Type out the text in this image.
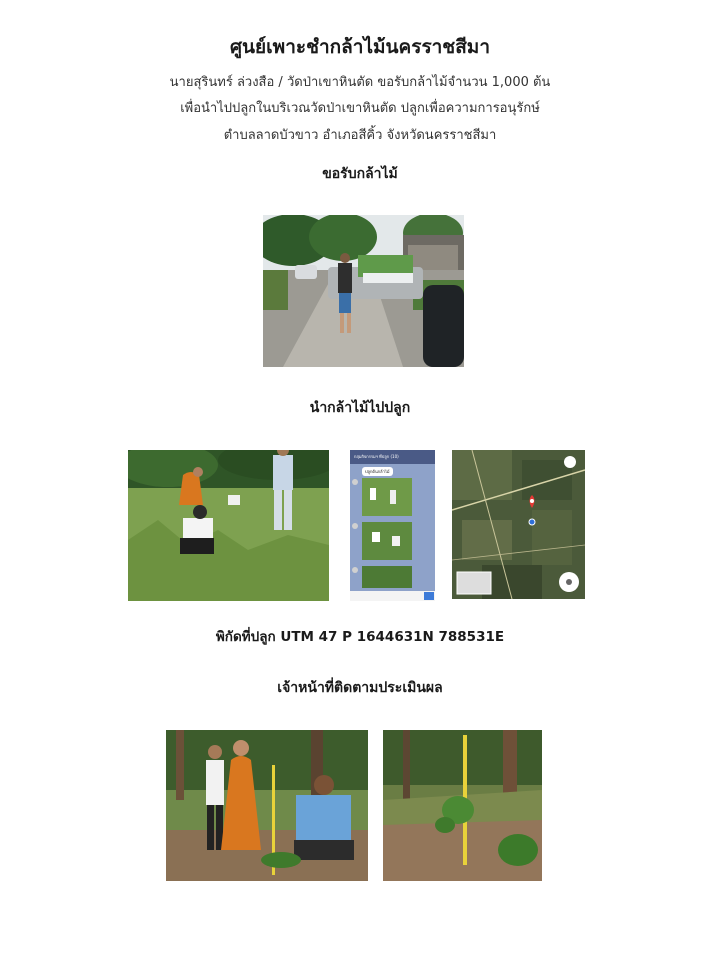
ศูนย์เพาะชำกล้าไม้นครราชสีมา
นายสุรินทร์ ล่วงสือ / วัดป่าเขาหินตัด ขอรับกล้าไม้จำนวน 1,000 ต้น
เพื่อนำไปปลูกในบริเวณวัดป่าเขาหินตัด ปลูกเพื่อความการอนุรักษ์
ตำบลลาดบัวขาว อำเภอสีคิ้ว จังหวัดนครราชสีมา
ขอรับกล้าไม้
นำกล้าไม้ไปปลูก
กลุ่มกิจกรรมฯ ที่ปลูก (10)
ปลูกต้นกล้าไม้
พิกัดที่ปลูก UTM 47 P 1644631N 788531E
เจ้าหน้าที่ติดตามประเมินผล
